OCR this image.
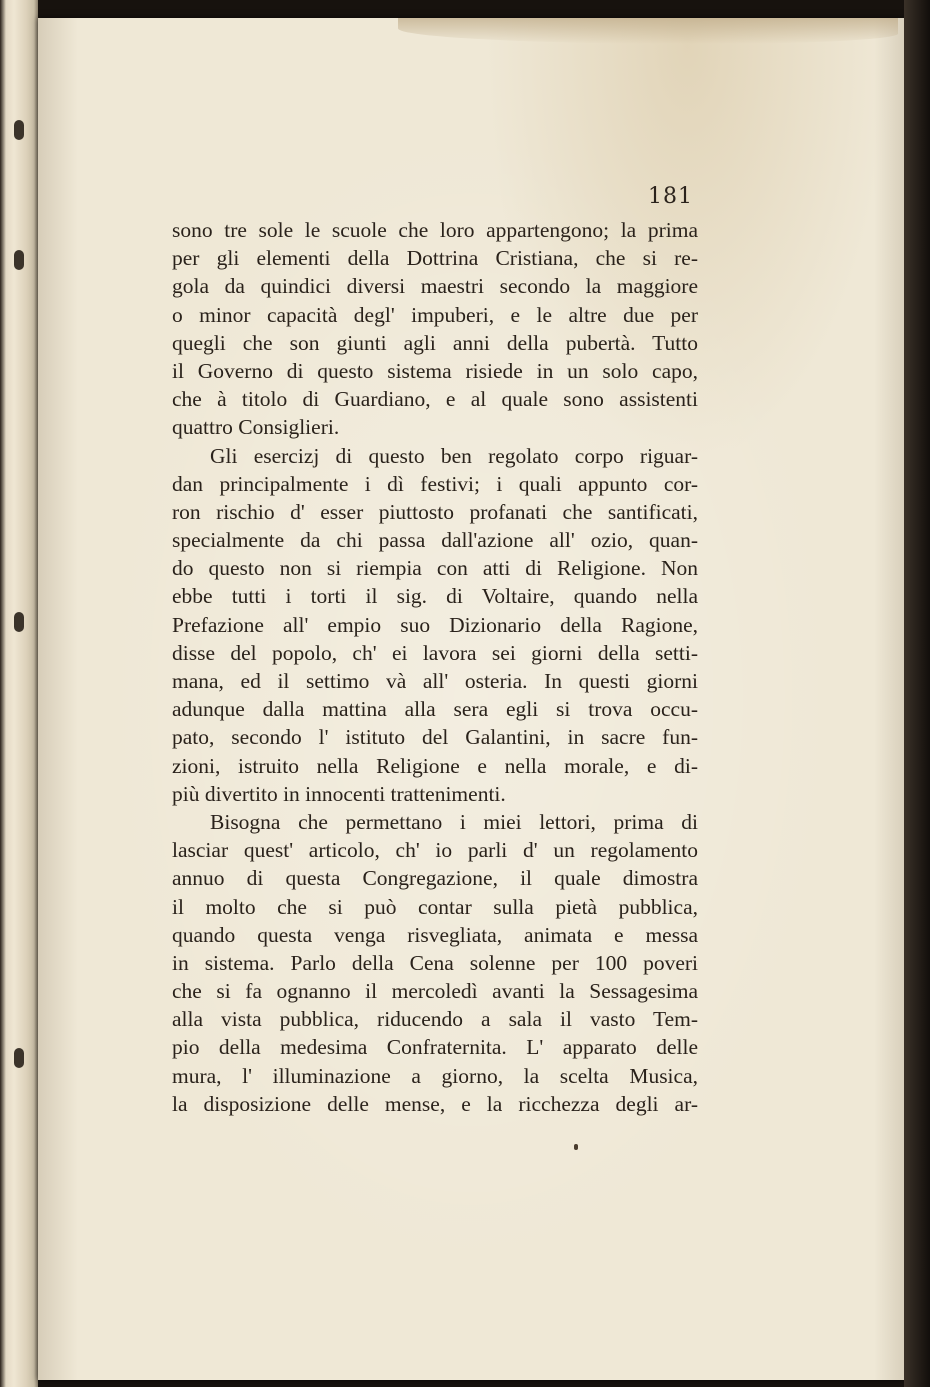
181
sono tre sole le scuole che loro appartengono; la prima
per gli elementi della Dottrina Cristiana, che si re-
gola da quindici diversi maestri secondo la maggiore
o minor capacità degl' impuberi, e le altre due per
quegli che son giunti agli anni della pubertà. Tutto
il Governo di questo sistema risiede in un solo capo,
che à titolo di Guardiano, e al quale sono assistenti
quattro Consiglieri.
Gli esercizj di questo ben regolato corpo riguar-
dan principalmente i dì festivi; i quali appunto cor-
ron rischio d' esser piuttosto profanati che santificati,
specialmente da chi passa dall'azione all' ozio, quan-
do questo non si riempia con atti di Religione. Non
ebbe tutti i torti il sig. di Voltaire, quando nella
Prefazione all' empio suo Dizionario della Ragione,
disse del popolo, ch' ei lavora sei giorni della setti-
mana, ed il settimo và all' osteria. In questi giorni
adunque dalla mattina alla sera egli si trova occu-
pato, secondo l' istituto del Galantini, in sacre fun-
zioni, istruito nella Religione e nella morale, e di-
più divertito in innocenti trattenimenti.
Bisogna che permettano i miei lettori, prima di
lasciar quest' articolo, ch' io parli d' un regolamento
annuo di questa Congregazione, il quale dimostra
il molto che si può contar sulla pietà pubblica,
quando questa venga risvegliata, animata e messa
in sistema. Parlo della Cena solenne per 100 poveri
che si fa ognanno il mercoledì avanti la Sessagesima
alla vista pubblica, riducendo a sala il vasto Tem-
pio della medesima Confraternita. L' apparato delle
mura, l' illuminazione a giorno, la scelta Musica,
la disposizione delle mense, e la ricchezza degli ar-
